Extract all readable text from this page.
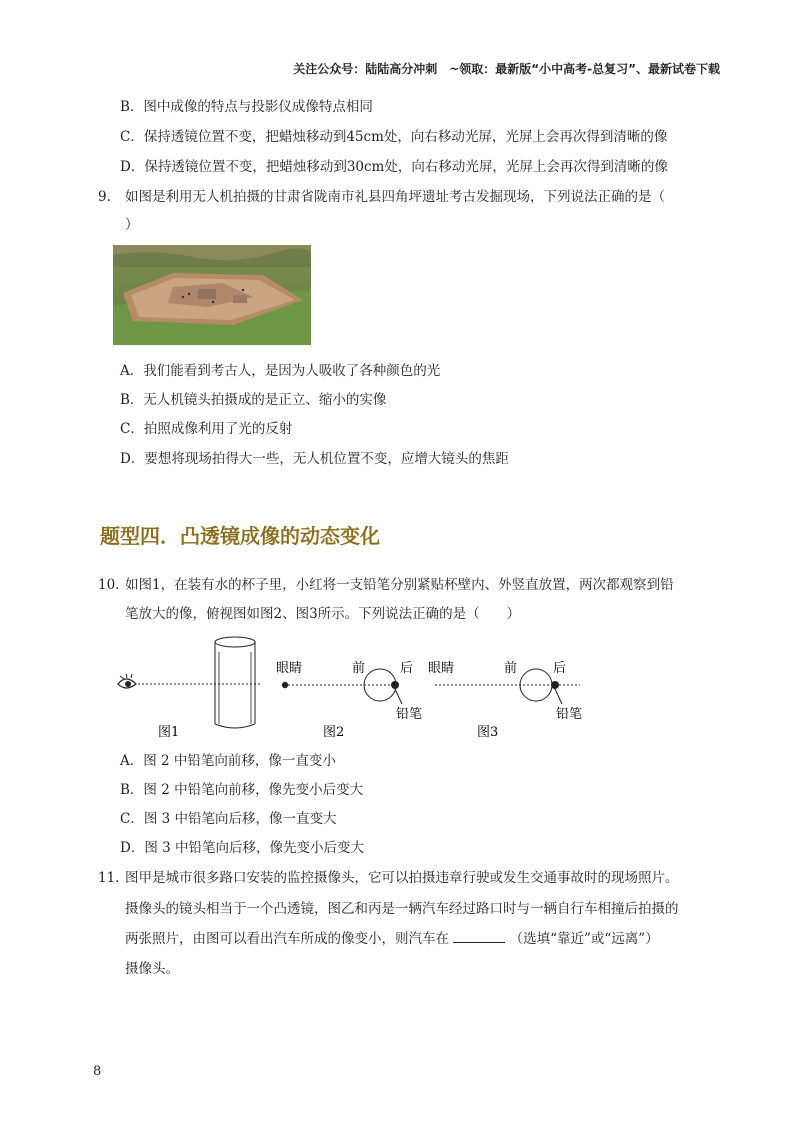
关注公众号：陆陆高分冲刺　~领取：最新版“小中高考-总复习”、最新试卷下载
B．图中成像的特点与投影仪成像特点相同
C．保持透镜位置不变，把蜡烛移动到45cm处，向右移动光屏，光屏上会再次得到清晰的像
D．保持透镜位置不变，把蜡烛移动到30cm处，向右移动光屏，光屏上会再次得到清晰的像
9. 如图是利用无人机拍摄的甘肃省陇南市礼县四角坪遗址考古发掘现场，下列说法正确的是（
）
A．我们能看到考古人，是因为人吸收了各种颜色的光
B．无人机镜头拍摄成的是正立、缩小的实像
C．拍照成像利用了光的反射
D．要想将现场拍得大一些，无人机位置不变，应增大镜头的焦距
题型四．凸透镜成像的动态变化
10. 如图1，在装有水的杯子里，小红将一支铅笔分别紧贴杯壁内、外竖直放置，两次都观察到铅
笔放大的像，俯视图如图2、图3所示。下列说法正确的是（　　）
图1
眼睛	前	后
铅笔
图2
眼睛	前	后
铅笔
图3
A．图 2 中铅笔向前移，像一直变小
B．图 2 中铅笔向前移，像先变小后变大
C．图 3 中铅笔向后移，像一直变大
D．图 3 中铅笔向后移，像先变小后变大
11. 图甲是城市很多路口安装的监控摄像头，它可以拍摄违章行驶或发生交通事故时的现场照片。
摄像头的镜头相当于一个凸透镜，图乙和丙是一辆汽车经过路口时与一辆自行车相撞后拍摄的
两张照片，由图可以看出汽车所成的像变小，则汽车在	（选填“靠近”或“远离”）
摄像头。
8
